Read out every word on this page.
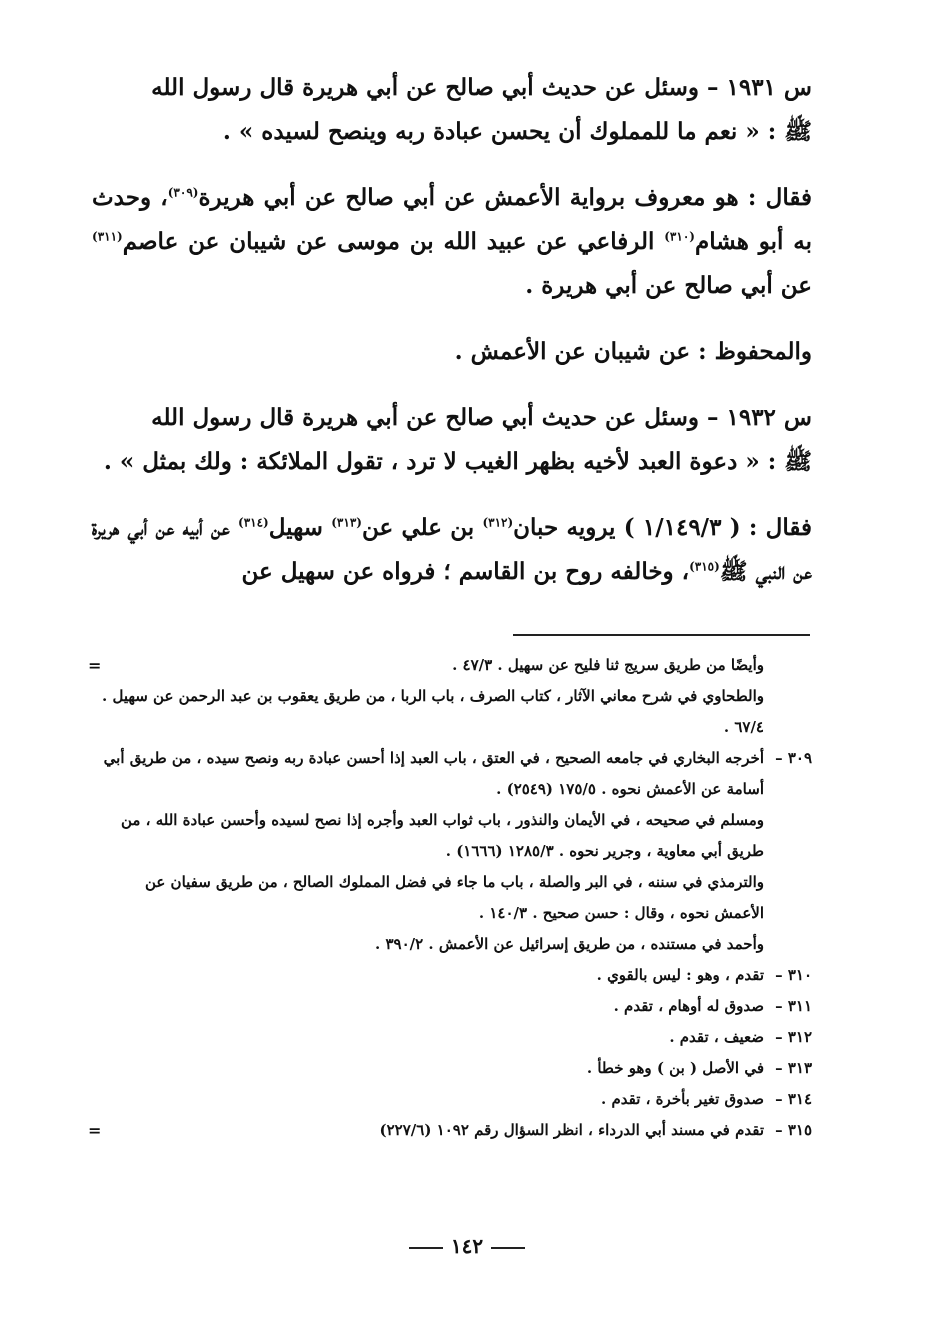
س ١٩٣١ – وسئل عن حديث أبي صالح عن أبي هريرة قال رسول الله

ﷺ : « نعم ما للمملوك أن يحسن عبادة ربه وينصح لسيده » .

فقال : هو معروف برواية الأعمش عن أبي صالح عن أبي هريرة$^{(٣٠٩)}$، وحدث به أبو هشام$^{(٣١٠)}$ الرفاعي عن عبيد الله بن موسى عن شيبان عن عاصم$^{(٣١١)}$ عن أبي صالح عن أبي هريرة .

والمحفوظ : عن شيبان عن الأعمش .

س ١٩٣٢ – وسئل عن حديث أبي صالح عن أبي هريرة قال رسول الله

ﷺ : « دعوة العبد لأخيه بظهر الغيب لا ترد ، تقول الملائكة : ولك بمثل » .

فقال : ( ١/١٤٩/٣ ) يرويه حبان$^{(٣١٢)}$ بن علي عن$^{(٣١٣)}$ سهيل$^{(٣١٤)}$ عن أبيه عن أبي هريرة عن النبي ﷺ$^{(٣١٥)}$، وخالفه روح بن القاسم ؛ فرواه عن سهيل عن

=	وأيضًا من طريق سريج ثنا فليح عن سهيل . ٤٧/٣ .

والطحاوي في شرح معاني الآثار ، كتاب الصرف ، باب الربا ، من طريق يعقوب بن عبد الرحمن عن سهيل . ٦٧/٤ .

٣٠٩ –

أخرجه البخاري في جامعه الصحيح ، في العتق ، باب العبد إذا أحسن عبادة ربه ونصح سيده ، من طريق أبي أسامة عن الأعمش نحوه . ١٧٥/٥ (٢٥٤٩) .

ومسلم في صحيحه ، في الأيمان والنذور ، باب ثواب العبد وأجره إذا نصح لسيده وأحسن عبادة الله ، من طريق أبي معاوية ، وجرير نحوه . ١٢٨٥/٣ (١٦٦٦) .

والترمذي في سننه ، في البر والصلة ، باب ما جاء في فضل المملوك الصالح ، من طريق سفيان عن الأعمش نحوه ، وقال : حسن صحيح . ١٤٠/٣ .

وأحمد في مستنده ، من طريق إسرائيل عن الأعمش . ٣٩٠/٢ .

٣١٠ –

تقدم ، وهو : ليس بالقوي .

٣١١ –

صدوق له أوهام ، تقدم .

٣١٢ –

ضعيف ، تقدم .

٣١٣ –

في الأصل ( بن ) وهو خطأ .

٣١٤ –

صدوق تغير بأخرة ، تقدم .

٣١٥ –
=	تقدم في مسند أبي الدرداء ، انظر السؤال رقم ١٠٩٢ (٢٢٧/٦)

١٤٢
